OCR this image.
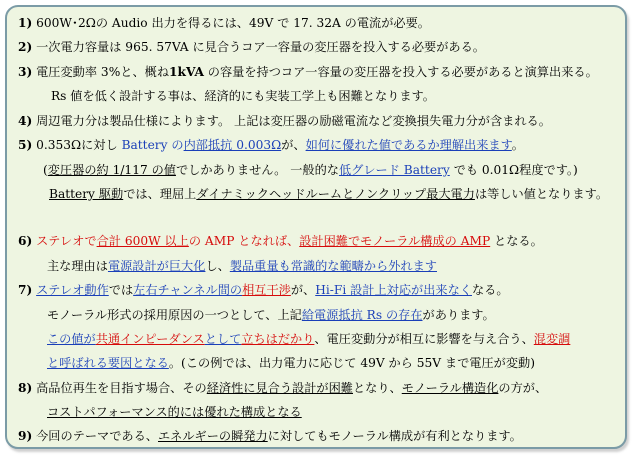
1) 600W･2Ωの Audio 出力を得るには、49V で 17. 32A の電流が必要。
2) 一次電力容量は 965. 57VA に見合うコア一容量の変圧器を投入する必要がある。
3) 電圧変動率 3%と、概ね1kVA の容量を持つコア一容量の変圧器を投入する必要があると演算出来る。
Rs 値を低く設計する事は、経済的にも実装工学上も困難となります。
4) 周辺電力分は製品仕様によります。 上記は変圧器の励磁電流など変換損失電力分が含まれる。
5) 0.353Ωに対し Battery の内部抵抗 0.003Ωが、如何に優れた値であるか理解出来ます。
(変圧器の約 1/117 の値でしかありません。 一般的な低グレード Battery でも 0.01Ω程度です。)
Battery 駆動では、理屈上ダイナミックヘッドルームとノンクリップ最大電力は等しい値となります。
6) ステレオで合計 600W 以上の AMP となれば、設計困難でモノーラル構成の AMP となる。
主な理由は電源設計が巨大化し、製品重量も常識的な範疇から外れます
7) ステレオ動作では左右チャンネル間の相互干渉が、Hi-Fi 設計上対応が出来なくなる。
モノーラル形式の採用原因の一つとして、上記給電源抵抗 Rs の存在があります。
この値が共通インピーダンスとして立ちはだかり、電圧変動分が相互に影響を与え合う、混変調
と呼ばれる要因となる。(この例では、出力電力に応じて 49V から 55V まで電圧が変動)
8) 高品位再生を目指す場合、その経済性に見合う設計が困難となり、モノーラル構造化の方が、
コストパフォーマンス的には優れた構成となる
9) 今回のテーマである、エネルギーの瞬発力に対してもモノーラル構成が有利となります。
